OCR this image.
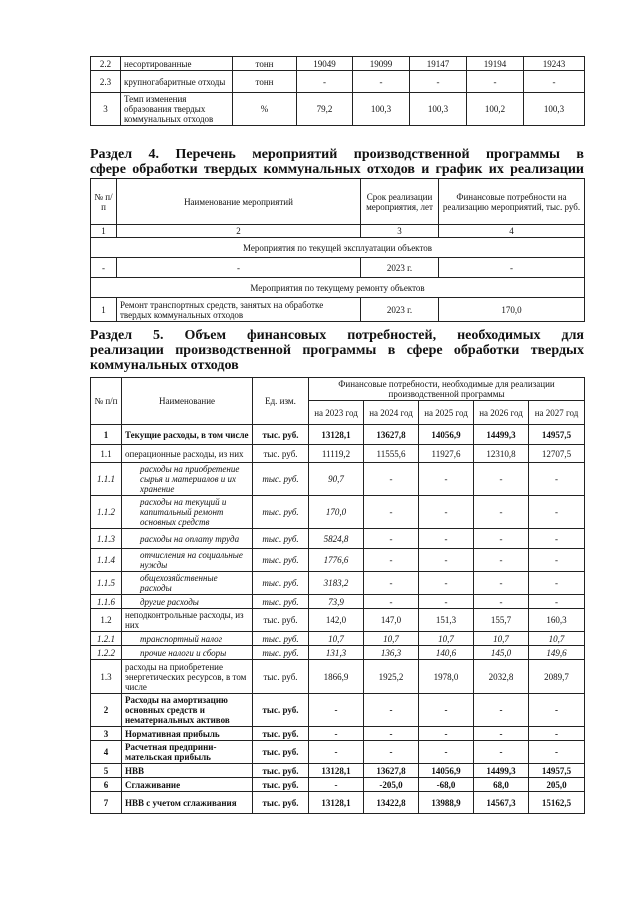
2.2	несортированные	тонн	19049	19099	19147	19194	19243
2.3	крупногабаритные отходы	тонн	-	-	-	-	-
3	Темп изменения образования твердых коммунальных отходов	%	79,2	100,3	100,3	100,2	100,3
Раздел 4. Перечень мероприятий производственной программы в
сфере обработки твердых коммунальных отходов и график их реализации
№ п/п	Наименование мероприятий	Срок реализации мероприятия, лет	Финансовые потребности на реализацию мероприятий, тыс. руб.
1	2	3	4
Мероприятия по текущей эксплуатации объектов			
-	-	2023 г.	-
Мероприятия по текущему ремонту объектов			
1	Ремонт транспортных средств, занятых на обработке твердых коммунальных отходов	2023 г.	170,0
Раздел 5. Объем финансовых потребностей, необходимых для
реализации производственной программы в сфере обработки твердых
коммунальных отходов
№ п/п	Наименование	Ед. изм.	Финансовые потребности, необходимые для реализации производственной программы				
			на 2023 год	на 2024 год	на 2025 год	на 2026 год	на 2027 год
1	Текущие расходы, в том числе	тыс. руб.	13128,1	13627,8	14056,9	14499,3	14957,5
1.1	операционные расходы, из них	тыс. руб.	11119,2	11555,6	11927,6	12310,8	12707,5
1.1.1	расходы на приобретение сырья и материалов и их хранение	тыс. руб.	90,7	-	-	-	-
1.1.2	расходы на текущий и капитальный ремонт основных средств	тыс. руб.	170,0	-	-	-	-
1.1.3	расходы на оплату труда	тыс. руб.	5824,8	-	-	-	-
1.1.4	отчисления на социальные нужды	тыс. руб.	1776,6	-	-	-	-
1.1.5	общехозяйственные расходы	тыс. руб.	3183,2	-	-	-	-
1.1.6	другие расходы	тыс. руб.	73,9	-	-	-	-
1.2	неподконтрольные расходы, из них	тыс. руб.	142,0	147,0	151,3	155,7	160,3
1.2.1	транспортный налог	тыс. руб.	10,7	10,7	10,7	10,7	10,7
1.2.2	прочие налоги и сборы	тыс. руб.	131,3	136,3	140,6	145,0	149,6
1.3	расходы на приобретение энергетических ресурсов, в том числе	тыс. руб.	1866,9	1925,2	1978,0	2032,8	2089,7
2	Расходы на амортизацию основных средств и нематериальных активов	тыс. руб.	-	-	-	-	-
3	Нормативная прибыль	тыс. руб.	-	-	-	-	-
4	Расчетная предприни-мательская прибыль	тыс. руб.	-	-	-	-	-
5	НВВ	тыс. руб.	13128,1	13627,8	14056,9	14499,3	14957,5
6	Сглаживание	тыс. руб.	-	-205,0	-68,0	68,0	205,0
7	НВВ с учетом сглаживания	тыс. руб.	13128,1	13422,8	13988,9	14567,3	15162,5
